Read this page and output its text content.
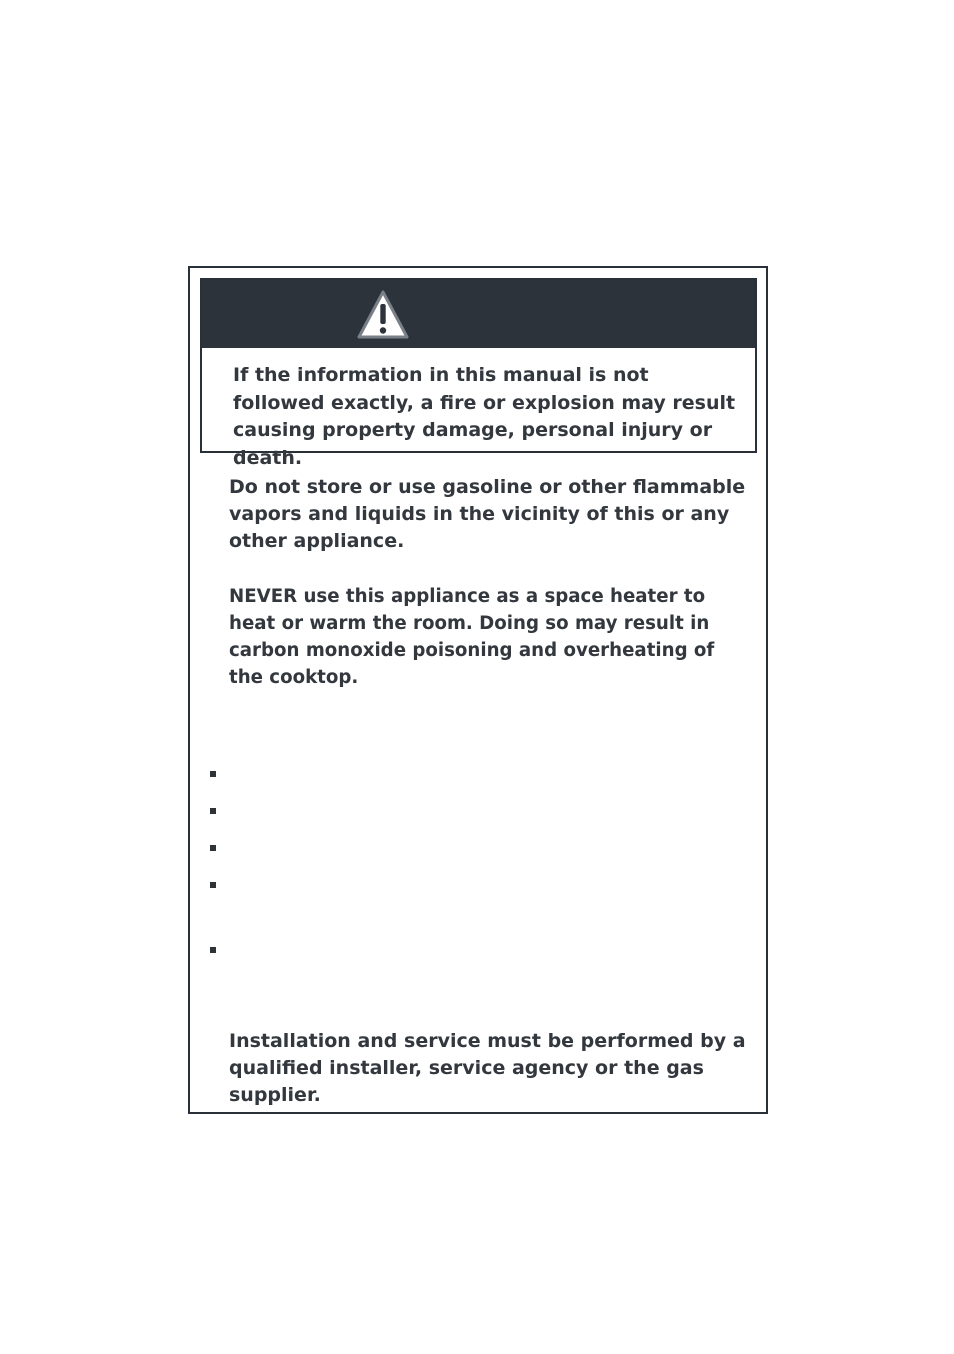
If the information in this manual is not followed exactly, a fire or explosion may result causing property damage, personal injury or death.

Do not store or use gasoline or other flammable vapors and liquids in the vicinity of this or any other appliance.

NEVER use this appliance as a space heater to heat or warm the room. Doing so may result in carbon monoxide poisoning and overheating of the cooktop.

Installation and service must be performed by a qualified installer, service agency or the gas supplier.
